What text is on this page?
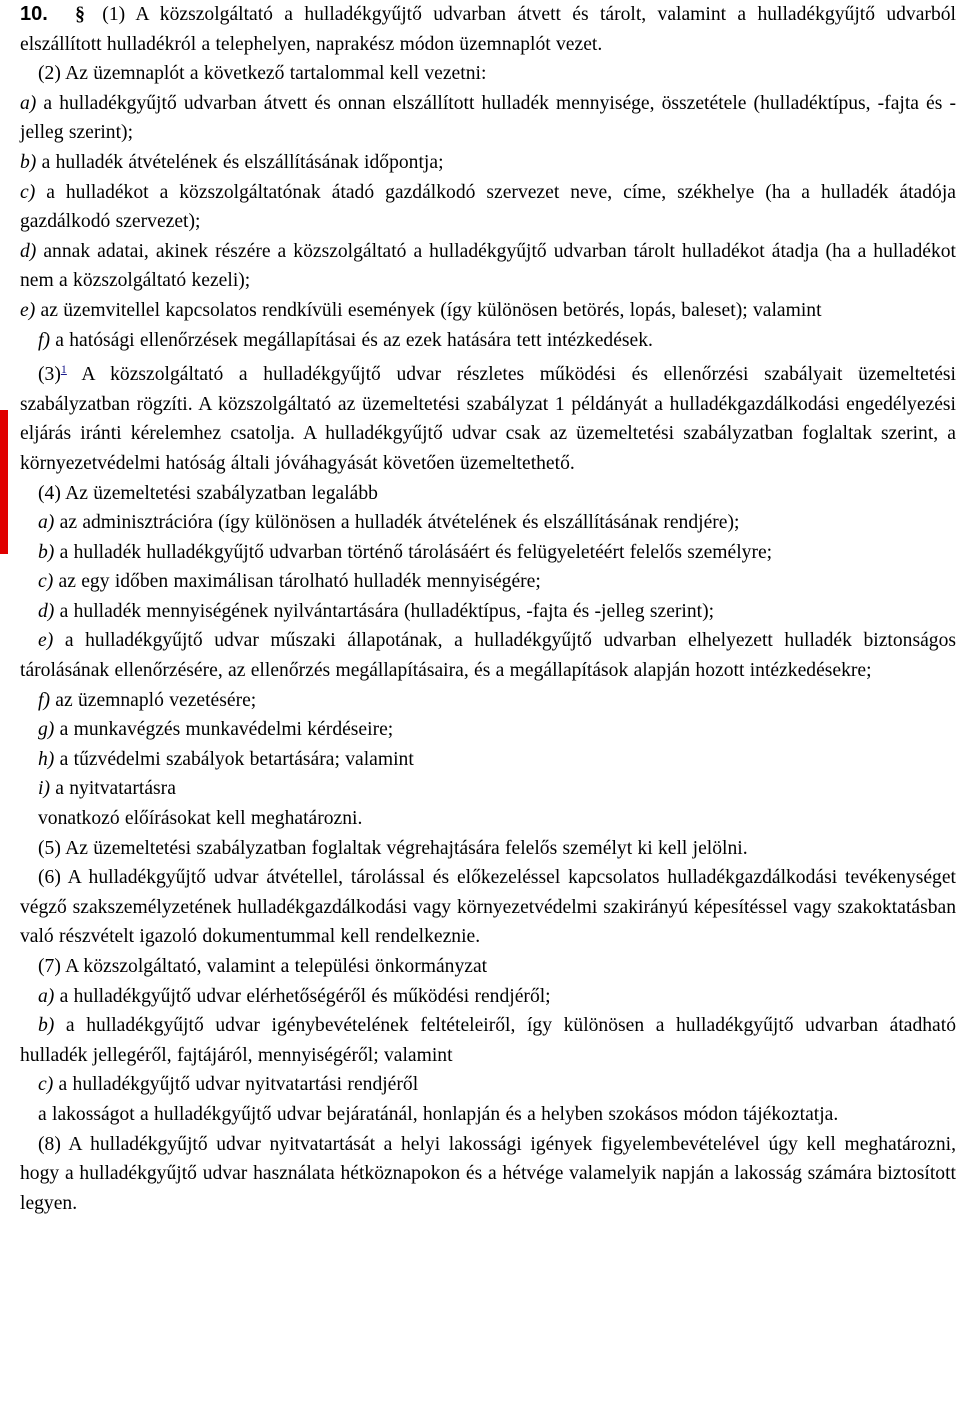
10. § (1) A közszolgáltató a hulladékgyűjtő udvarban átvett és tárolt, valamint a hulladékgyűjtő udvarból elszállított hulladékról a telephelyen, naprakész módon üzemnaplót vezet.

(2) Az üzemnaplót a következő tartalommal kell vezetni:

a) a hulladékgyűjtő udvarban átvett és onnan elszállított hulladék mennyisége, összetétele (hulladéktípus, -fajta és -jelleg szerint);

b) a hulladék átvételének és elszállításának időpontja;

c) a hulladékot a közszolgáltatónak átadó gazdálkodó szervezet neve, címe, székhelye (ha a hulladék átadója gazdálkodó szervezet);

d) annak adatai, akinek részére a közszolgáltató a hulladékgyűjtő udvarban tárolt hulladékot átadja (ha a hulladékot nem a közszolgáltató kezeli);

e) az üzemvitellel kapcsolatos rendkívüli események (így különösen betörés, lopás, baleset); valamint

f) a hatósági ellenőrzések megállapításai és az ezek hatására tett intézkedések.

$(3)^1$ A közszolgáltató a hulladékgyűjtő udvar részletes működési és ellenőrzési szabályait üzemeltetési szabályzatban rögzíti. A közszolgáltató az üzemeltetési szabályzat 1 példányát a hulladékgazdálkodási engedélyezési eljárás iránti kérelemhez csatolja. A hulladékgyűjtő udvar csak az üzemeltetési szabályzatban foglaltak szerint, a környezetvédelmi hatóság általi jóváhagyását követően üzemeltethető.

(4) Az üzemeltetési szabályzatban legalább

a) az adminisztrációra (így különösen a hulladék átvételének és elszállításának rendjére);

b) a hulladék hulladékgyűjtő udvarban történő tárolásáért és felügyeletéért felelős személyre;

c) az egy időben maximálisan tárolható hulladék mennyiségére;

d) a hulladék mennyiségének nyilvántartására (hulladéktípus, -fajta és -jelleg szerint);

e) a hulladékgyűjtő udvar műszaki állapotának, a hulladékgyűjtő udvarban elhelyezett hulladék biztonságos tárolásának ellenőrzésére, az ellenőrzés megállapításaira, és a megállapítások alapján hozott intézkedésekre;

f) az üzemnapló vezetésére;

g) a munkavégzés munkavédelmi kérdéseire;

h) a tűzvédelmi szabályok betartására; valamint

i) a nyitvatartásra

vonatkozó előírásokat kell meghatározni.

(5) Az üzemeltetési szabályzatban foglaltak végrehajtására felelős személyt ki kell jelölni.

(6) A hulladékgyűjtő udvar átvétellel, tárolással és előkezeléssel kapcsolatos hulladékgazdálkodási tevékenységet végző szakszemélyzetének hulladékgazdálkodási vagy környezetvédelmi szakirányú képesítéssel vagy szakoktatásban való részvételt igazoló dokumentummal kell rendelkeznie.

(7) A közszolgáltató, valamint a települési önkormányzat

a) a hulladékgyűjtő udvar elérhetőségéről és működési rendjéről;

b) a hulladékgyűjtő udvar igénybevételének feltételeiről, így különösen a hulladékgyűjtő udvarban átadható hulladék jellegéről, fajtájáról, mennyiségéről; valamint

c) a hulladékgyűjtő udvar nyitvatartási rendjéről

a lakosságot a hulladékgyűjtő udvar bejáratánál, honlapján és a helyben szokásos módon tájékoztatja.

(8) A hulladékgyűjtő udvar nyitvatartását a helyi lakossági igények figyelembevételével úgy kell meghatározni, hogy a hulladékgyűjtő udvar használata hétköznapokon és a hétvége valamelyik napján a lakosság számára biztosított legyen.
